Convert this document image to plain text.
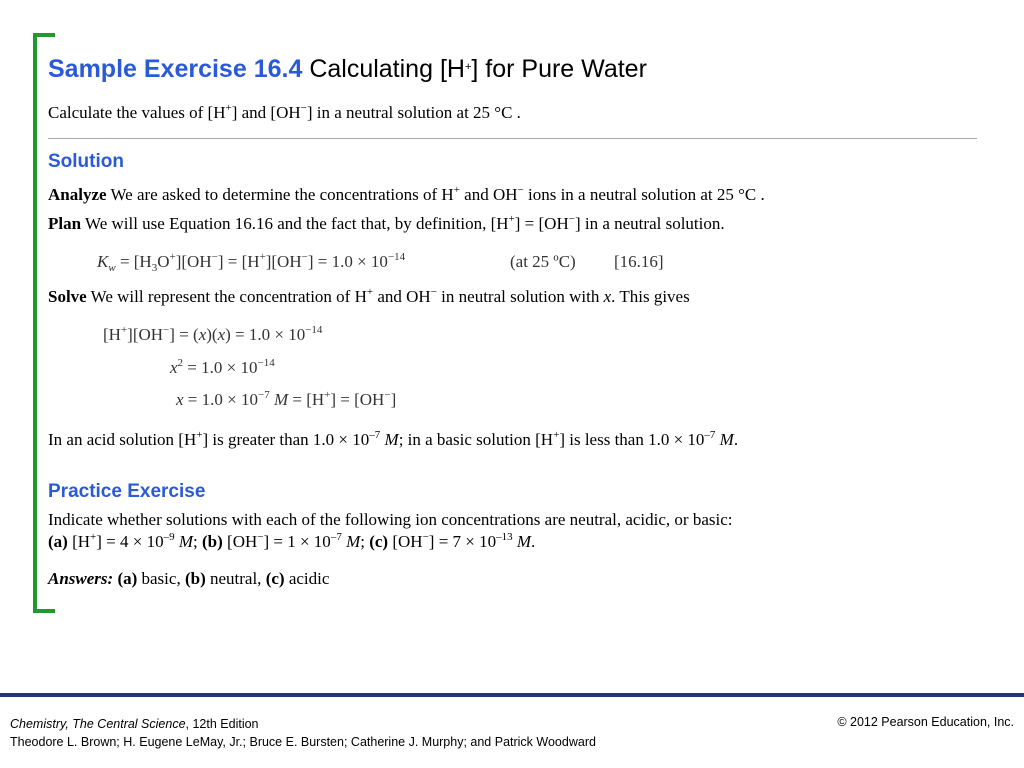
Sample Exercise 16.4 Calculating [H+] for Pure Water
Calculate the values of [H+] and [OH−] in a neutral solution at 25 °C .
Solution
Analyze We are asked to determine the concentrations of H+ and OH− ions in a neutral solution at 25 °C .
Plan We will use Equation 16.16 and the fact that, by definition, [H+] = [OH−] in a neutral solution.
$K_w = [H_3O^+][OH^-] = [H^+][OH^-] = 1.0 \times 10^{-14}$	(at 25 ºC) [16.16]
Solve We will represent the concentration of H+ and OH− in neutral solution with x. This gives
$[H^+][OH^-] = (x)(x) = 1.0 \times 10^{-14}$
$x^2 = 1.0 \times 10^{-14}$
$x = 1.0 \times 10^{-7}$ M = [H+] = [OH−]
In an acid solution [H+] is greater than $1.0 \times 10^{-7}$ M; in a basic solution [H+] is less than $1.0 \times 10^{-7}$ M.
Practice Exercise
Indicate whether solutions with each of the following ion concentrations are neutral, acidic, or basic:
(a) $[H^+] = 4 \times 10^{-9}$ M; (b) $[OH^-] = 1 \times 10^{-7}$ M; (c) $[OH^-] = 7 \times 10^{-13}$ M.
Answers: (a) basic, (b) neutral, (c) acidic
Chemistry, The Central Science, 12th Edition
Theodore L. Brown; H. Eugene LeMay, Jr.; Bruce E. Bursten; Catherine J. Murphy; and Patrick Woodward
© 2012 Pearson Education, Inc.
